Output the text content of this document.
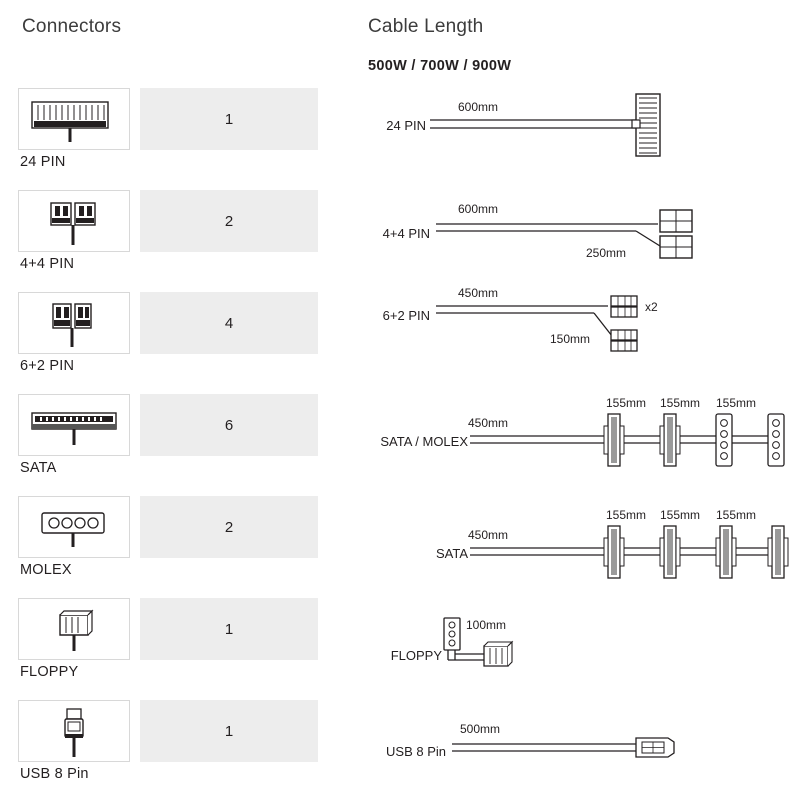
Connectors	Cable Length
500W / 700W / 900W
1
24 PIN
2
4+4 PIN
4
6+2 PIN
6
SATA
2
MOLEX
1
FLOPPY
1
USB 8 Pin
24 PIN
600mm
4+4 PIN
600mm
250mm
6+2 PIN
450mm
150mm
x2
SATA / MOLEX
450mm
155mm 155mm 155mm
SATA
450mm
155mm 155mm 155mm
FLOPPY
100mm
USB 8 Pin
500mm
